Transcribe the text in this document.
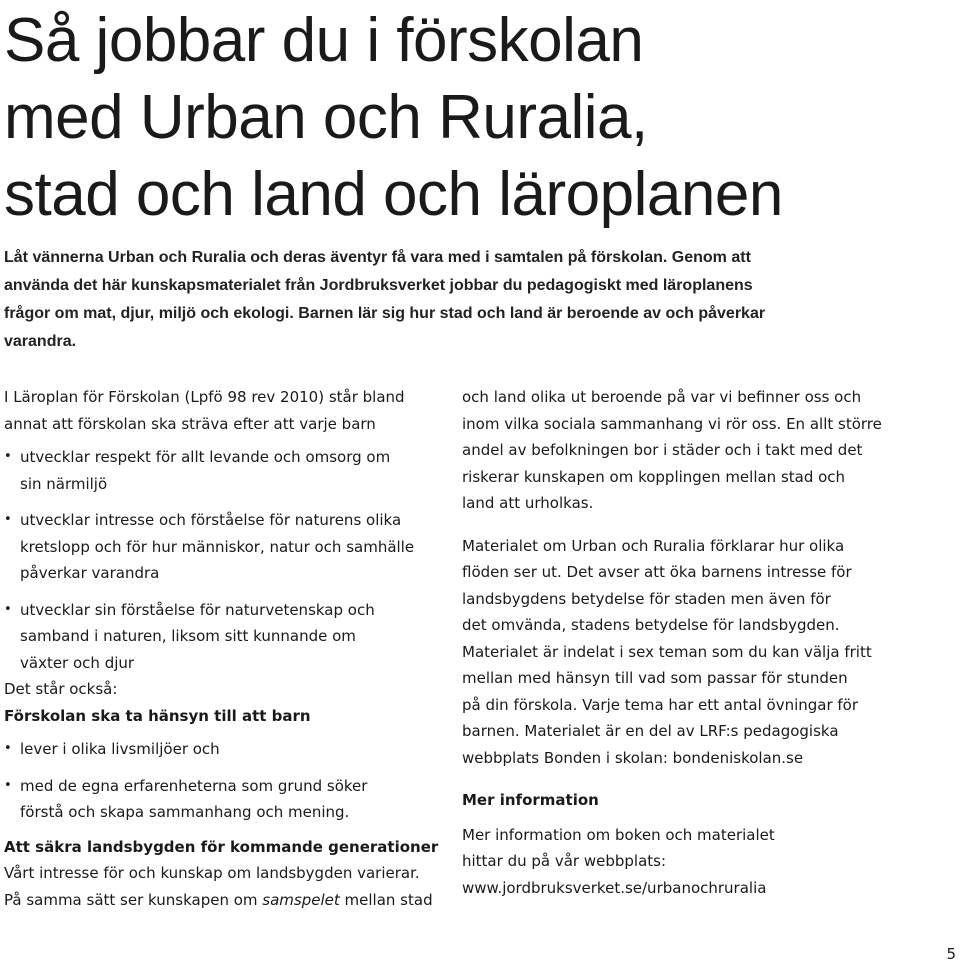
Så jobbar du i förskolan
med Urban och Ruralia,
stad och land och läroplanen

Låt vännerna Urban och Ruralia och deras äventyr få vara med i samtalen på förskolan. Genom att
använda det här kunskapsmaterialet från Jordbruksverket jobbar du pedagogiskt med läroplanens
frågor om mat, djur, miljö och ekologi. Barnen lär sig hur stad och land är beroende av och påverkar
varandra.

I Läroplan för Förskolan (Lpfö 98 rev 2010) står bland
annat att förskolan ska sträva efter att varje barn
• utvecklar respekt för allt levande och omsorg om
sin närmiljö
• utvecklar intresse och förståelse för naturens olika
kretslopp och för hur människor, natur och samhälle
påverkar varandra
• utvecklar sin förståelse för naturvetenskap och
samband i naturen, liksom sitt kunnande om
växter och djur
Det står också:
Förskolan ska ta hänsyn till att barn
• lever i olika livsmiljöer och
• med de egna erfarenheterna som grund söker
förstå och skapa sammanhang och mening.
Att säkra landsbygden för kommande generationer
Vårt intresse för och kunskap om landsbygden varierar.
På samma sätt ser kunskapen om samspelet mellan stad
och land olika ut beroende på var vi befinner oss och
inom vilka sociala sammanhang vi rör oss. En allt större
andel av befolkningen bor i städer och i takt med det
riskerar kunskapen om kopplingen mellan stad och
land att urholkas.
Materialet om Urban och Ruralia förklarar hur olika
flöden ser ut. Det avser att öka barnens intresse för
landsbygdens betydelse för staden men även för
det omvända, stadens betydelse för landsbygden.
Materialet är indelat i sex teman som du kan välja fritt
mellan med hänsyn till vad som passar för stunden
på din förskola. Varje tema har ett antal övningar för
barnen. Materialet är en del av LRF:s pedagogiska
webbplats Bonden i skolan: bondeniskolan.se
Mer information
Mer information om boken och materialet
hittar du på vår webbplats:
www.jordbruksverket.se/urbanochruralia
5
